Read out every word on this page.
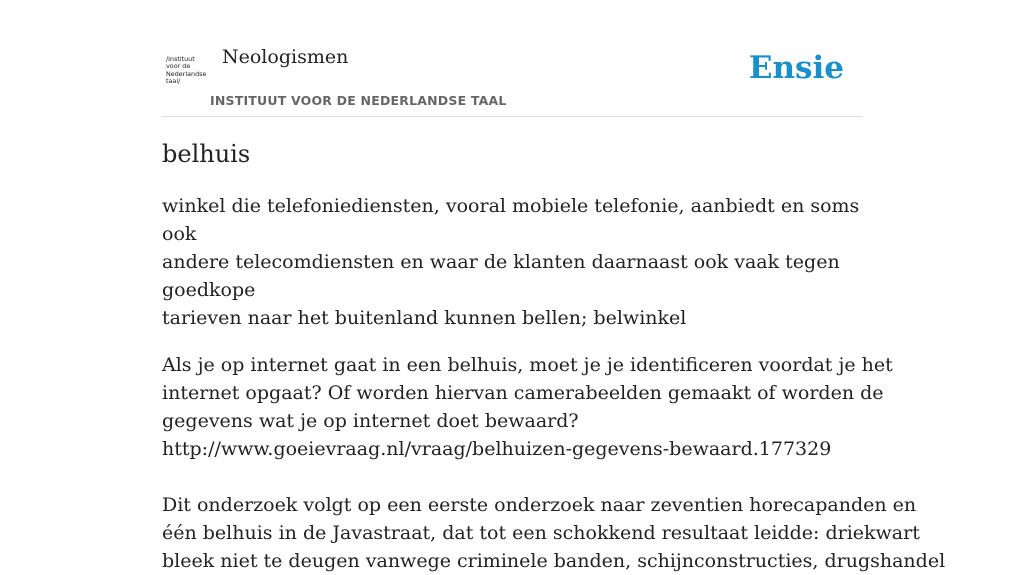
/instituut
voor de
Nederlandse
taal/
Neologismen
INSTITUUT VOOR DE NEDERLANDSE TAAL
Ensie
belhuis
winkel die telefoniediensten, vooral mobiele telefonie, aanbiedt en soms ook
andere telecomdiensten en waar de klanten daarnaast ook vaak tegen goedkope
tarieven naar het buitenland kunnen bellen; belwinkel
Als je op internet gaat in een belhuis, moet je je identificeren voordat je het
internet opgaat? Of worden hiervan camerabeelden gemaakt of worden de
gegevens wat je op internet doet bewaard?
http://www.goeievraag.nl/vraag/belhuizen-gegevens-bewaard.177329
Dit onderzoek volgt op een eerste onderzoek naar zeventien horecapanden en
één belhuis in de Javastraat, dat tot een schokkend resultaat leidde: driekwart
bleek niet te deugen vanwege criminele banden, schijnconstructies, drugshandel
